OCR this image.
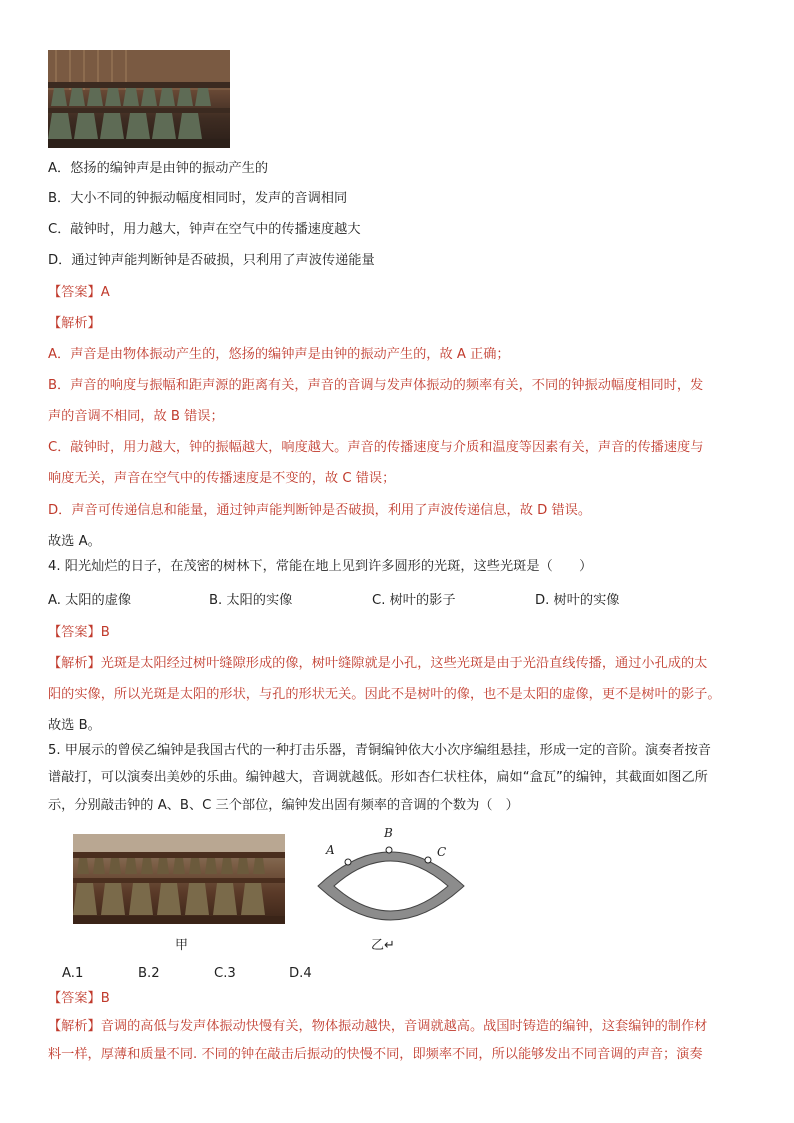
A．悠扬的编钟声是由钟的振动产生的
B．大小不同的钟振动幅度相同时，发声的音调相同
C．敲钟时，用力越大，钟声在空气中的传播速度越大
D．通过钟声能判断钟是否破损，只利用了声波传递能量
【答案】A
【解析】
A．声音是由物体振动产生的，悠扬的编钟声是由钟的振动产生的，故 A 正确；
B．声音的响度与振幅和距声源的距离有关，声音的音调与发声体振动的频率有关，不同的钟振动幅度相同时，发
声的音调不相同，故 B 错误；
C．敲钟时，用力越大，钟的振幅越大，响度越大。声音的传播速度与介质和温度等因素有关，声音的传播速度与
响度无关，声音在空气中的传播速度是不变的，故 C 错误；
D．声音可传递信息和能量，通过钟声能判断钟是否破损，利用了声波传递信息，故 D 错误。
故选 A。
4. 阳光灿烂的日子，在茂密的树林下，常能在地上见到许多圆形的光斑，这些光斑是（　　）
A. 太阳的虚像	B. 太阳的实像	C. 树叶的影子	D. 树叶的实像
【答案】B
【解析】光斑是太阳经过树叶缝隙形成的像，树叶缝隙就是小孔，这些光斑是由于光沿直线传播，通过小孔成的太
阳的实像，所以光斑是太阳的形状，与孔的形状无关。因此不是树叶的像，也不是太阳的虚像，更不是树叶的影子。
故选 B。
5. 甲展示的曾侯乙编钟是我国古代的一种打击乐器，青铜编钟依大小次序编组悬挂，形成一定的音阶。演奏者按音
谱敲打，可以演奏出美妙的乐曲。编钟越大，音调就越低。形如杏仁状柱体，扁如“盒瓦”的编钟，其截面如图乙所
示，分别敲击钟的 A、B、C 三个部位，编钟发出固有频率的音调的个数为（　）
甲
A
B
C
乙↵
A.1	B.2	C.3	D.4
【答案】B
【解析】音调的高低与发声体振动快慢有关，物体振动越快，音调就越高。战国时铸造的编钟，这套编钟的制作材
料一样，厚薄和质量不同. 不同的钟在敲击后振动的快慢不同，即频率不同，所以能够发出不同音调的声音；演奏
